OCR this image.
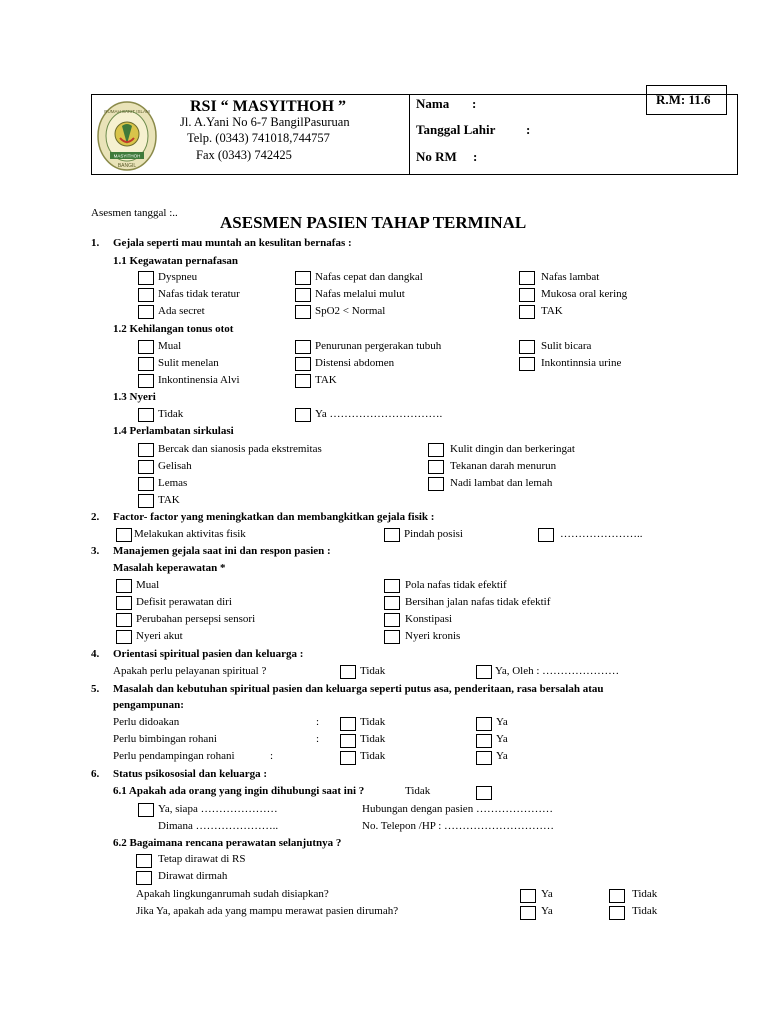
R.M: 11.6
MASYITHOH
RUMAH SAKIT ISLAM
BANGIL
RSI “ MASYITHOH ”
Jl. A.Yani No 6-7 BangilPasuruan
Telp. (0343) 741018,744757
Fax (0343) 742425
Nama :
Tanggal Lahir :
No RM :
Asesmen tanggal :.. ASESMEN PASIEN TAHAP TERMINAL
1. Gejala seperti mau muntah an kesulitan bernafas :
1.1 Kegawatan pernafasan
Dyspneu	Nafas cepat dan dangkal	Nafas lambat
Nafas tidak teratur	Nafas melalui mulut	Mukosa oral kering
Ada secret	SpO2 < Normal	TAK
1.2 Kehilangan tonus otot
Mual	Penurunan pergerakan tubuh	Sulit bicara
Sulit menelan	Distensi abdomen	Inkontinnsia urine
Inkontinensia Alvi	TAK
1.3 Nyeri
Tidak	Ya ………………………….
1.4 Perlambatan sirkulasi
Bercak dan sianosis pada ekstremitas	Kulit dingin dan berkeringat
Gelisah	Tekanan darah menurun
Lemas	Nadi lambat dan lemah
TAK
2. Factor- factor yang meningkatkan dan membangkitkan gejala fisik :
Melakukan aktivitas fisik	Pindah posisi	…………………..
3. Manajemen gejala saat ini dan respon pasien :
Masalah keperawatan *
Mual	Pola nafas tidak efektif
Defisit perawatan diri	Bersihan jalan nafas tidak efektif
Perubahan persepsi sensori	Konstipasi
Nyeri akut	Nyeri kronis
4. Orientasi spiritual pasien dan keluarga :
Apakah perlu pelayanan spiritual ?	Tidak	Ya, Oleh : …………………
5. Masalah dan kebutuhan spiritual pasien dan keluarga seperti putus asa, penderitaan, rasa bersalah atau
pengampunan:
Perlu didoakan	:	Tidak	Ya
Perlu bimbingan rohani	:	Tidak	Ya
Perlu pendampingan rohani	:	Tidak	Ya
6. Status psikososial dan keluarga :
6.1 Apakah ada orang yang ingin dihubungi saat ini ?	Tidak
Ya, siapa …………………	Hubungan dengan pasien …………………
Dimana …………………..	No. Telepon /HP : …………………………
6.2 Bagaimana rencana perawatan selanjutnya ?
Tetap dirawat di RS
Dirawat dirmah
Apakah lingkunganrumah sudah disiapkan?	Ya	Tidak
Jika Ya, apakah ada yang mampu merawat pasien dirumah?	Ya	Tidak
